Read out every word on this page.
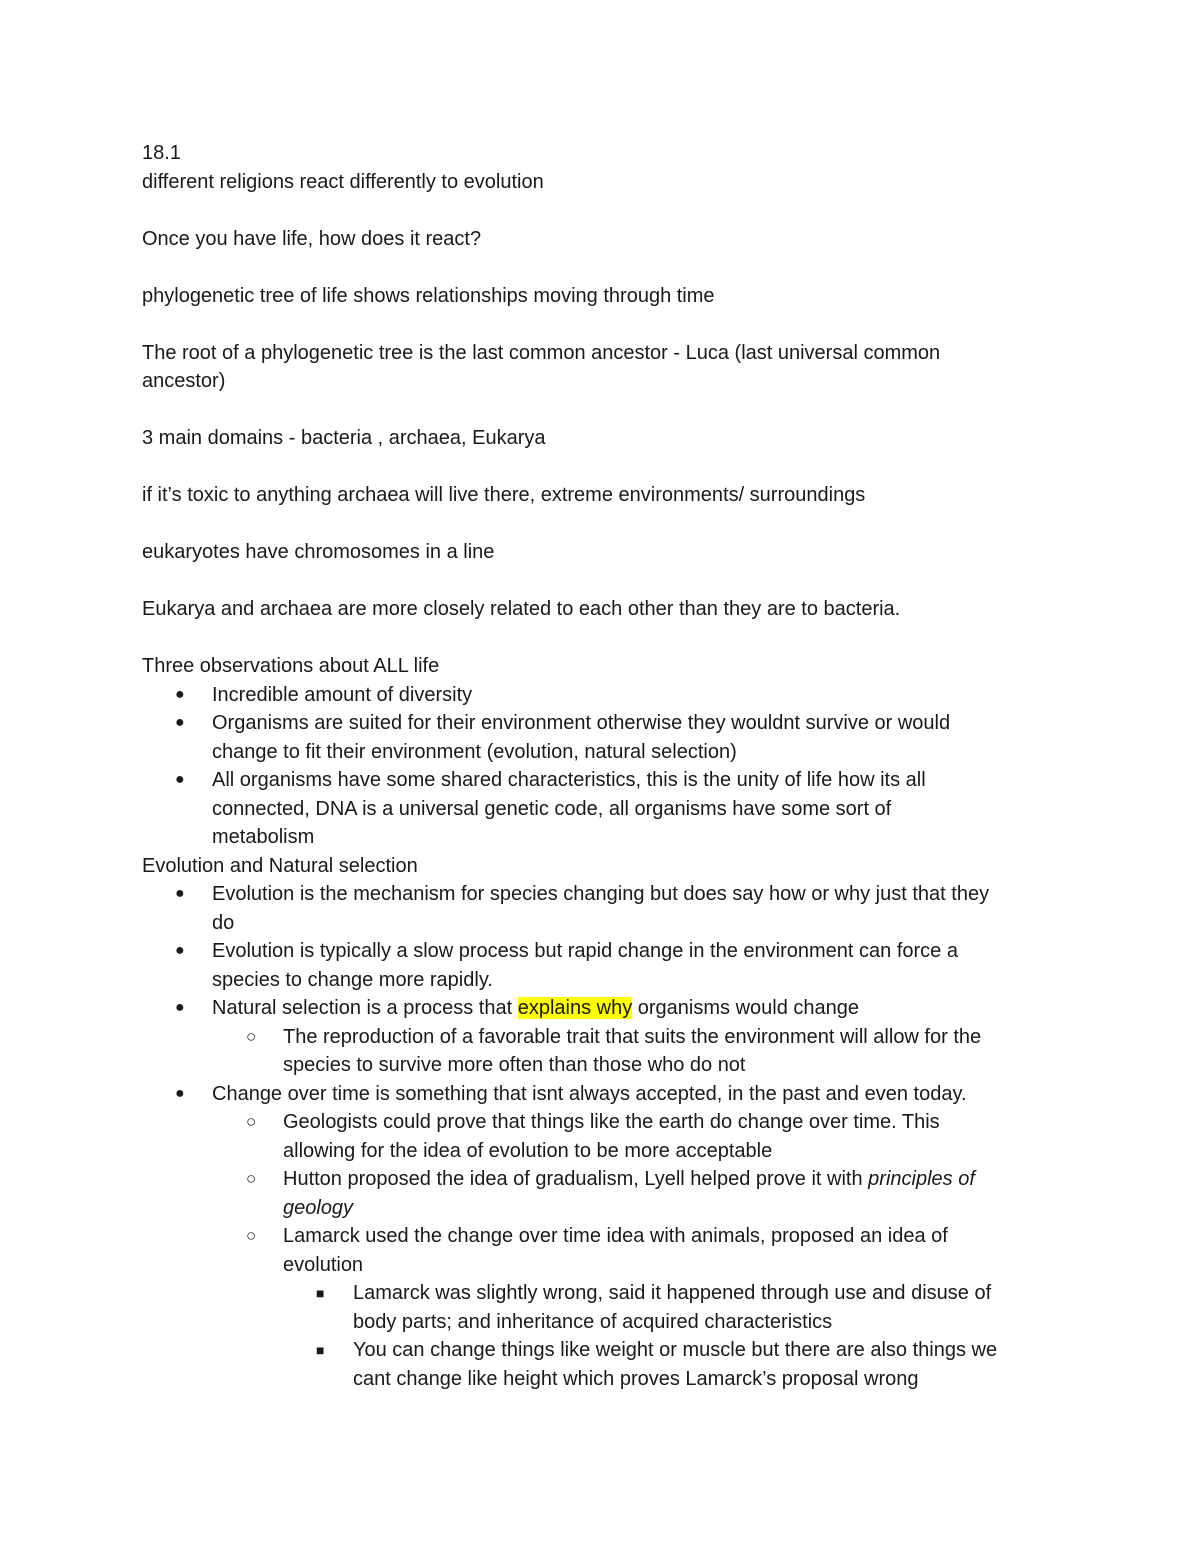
18.1

different religions react differently to evolution

Once you have life, how does it react?

phylogenetic tree of life shows relationships moving through time

The root of a phylogenetic tree is the last common ancestor - Luca (last universal common

ancestor)

3 main domains - bacteria , archaea, Eukarya

if it’s toxic to anything archaea will live there, extreme environments/ surroundings

eukaryotes have chromosomes in a line

Eukarya and archaea are more closely related to each other than they are to bacteria.

Three observations about ALL life

● Incredible amount of diversity
● Organisms are suited for their environment otherwise they wouldnt survive or would
change to fit their environment (evolution, natural selection)
● All organisms have some shared characteristics, this is the unity of life how its all
connected, DNA is a universal genetic code, all organisms have some sort of
metabolism

Evolution and Natural selection

● Evolution is the mechanism for species changing but does say how or why just that they
do
● Evolution is typically a slow process but rapid change in the environment can force a
species to change more rapidly.
● Natural selection is a process that explains why organisms would change
○ The reproduction of a favorable trait that suits the environment will allow for the
species to survive more often than those who do not
● Change over time is something that isnt always accepted, in the past and even today.
○ Geologists could prove that things like the earth do change over time. This
allowing for the idea of evolution to be more acceptable
○ Hutton proposed the idea of gradualism, Lyell helped prove it with principles of
geology
○ Lamarck used the change over time idea with animals, proposed an idea of
evolution
■ Lamarck was slightly wrong, said it happened through use and disuse of
body parts; and inheritance of acquired characteristics
■ You can change things like weight or muscle but there are also things we
cant change like height which proves Lamarck’s proposal wrong
